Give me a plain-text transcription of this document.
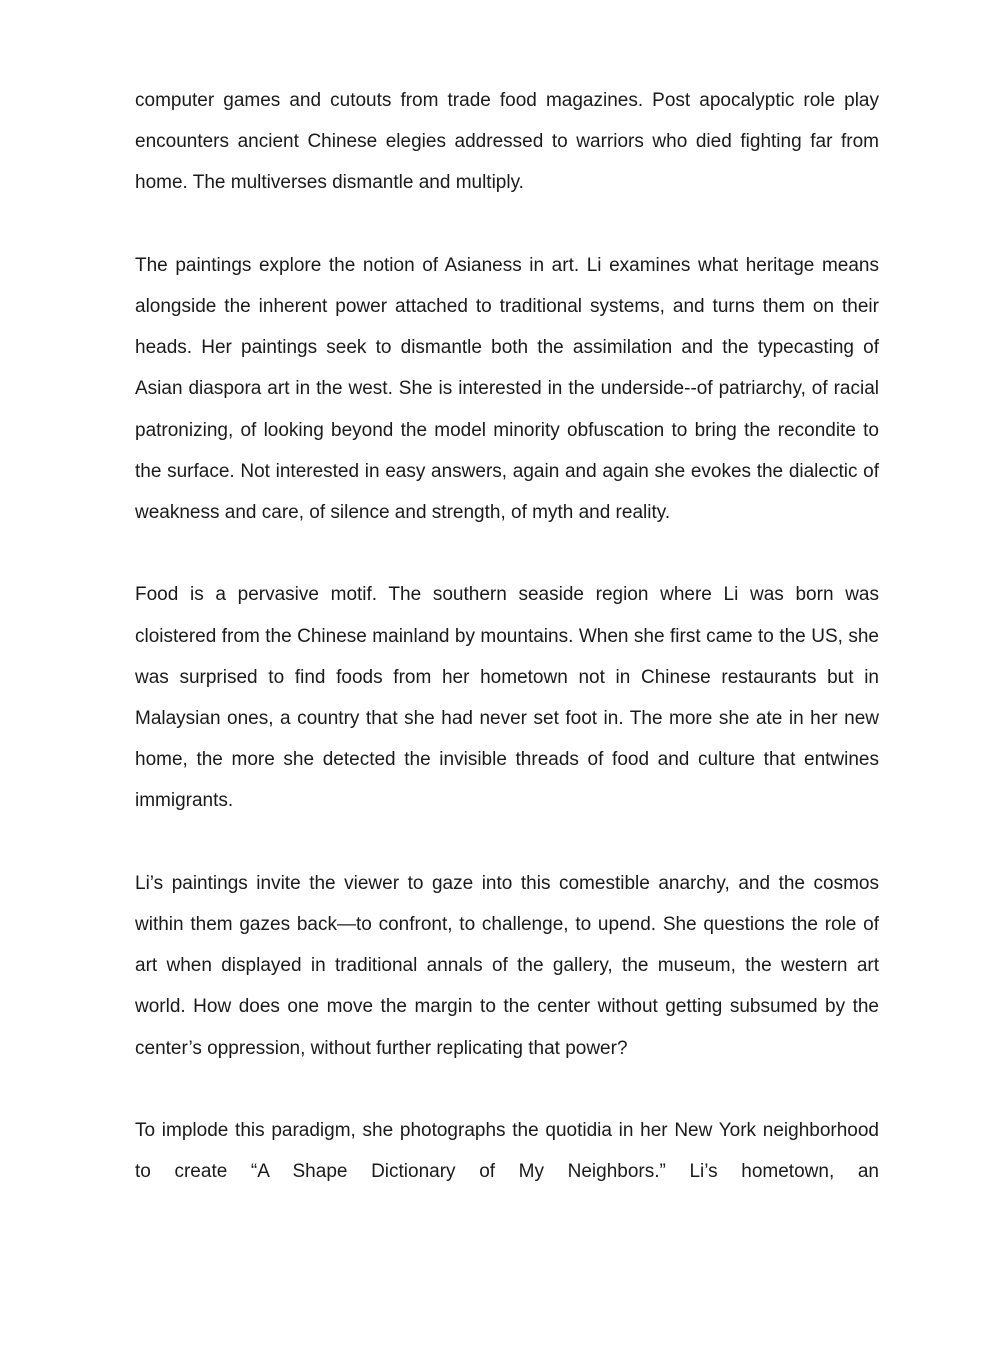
computer games and cutouts from trade food magazines. Post apocalyptic role play encounters ancient Chinese elegies addressed to warriors who died fighting far from home. The multiverses dismantle and multiply.

The paintings explore the notion of Asianess in art. Li examines what heritage means alongside the inherent power attached to traditional systems, and turns them on their heads. Her paintings seek to dismantle both the assimilation and the typecasting of Asian diaspora art in the west. She is interested in the underside--of patriarchy, of racial patronizing, of looking beyond the model minority obfuscation to bring the recondite to the surface. Not interested in easy answers, again and again she evokes the dialectic of weakness and care, of silence and strength, of myth and reality.

Food is a pervasive motif. The southern seaside region where Li was born was cloistered from the Chinese mainland by mountains. When she first came to the US, she was surprised to find foods from her hometown not in Chinese restaurants but in Malaysian ones, a country that she had never set foot in. The more she ate in her new home, the more she detected the invisible threads of food and culture that entwines immigrants.

Li’s paintings invite the viewer to gaze into this comestible anarchy, and the cosmos within them gazes back—to confront, to challenge, to upend. She questions the role of art when displayed in traditional annals of the gallery, the museum, the western art world. How does one move the margin to the center without getting subsumed by the center’s oppression, without further replicating that power?

To implode this paradigm, she photographs the quotidia in her New York neighborhood to create “A Shape Dictionary of My Neighbors.” Li’s hometown, an
